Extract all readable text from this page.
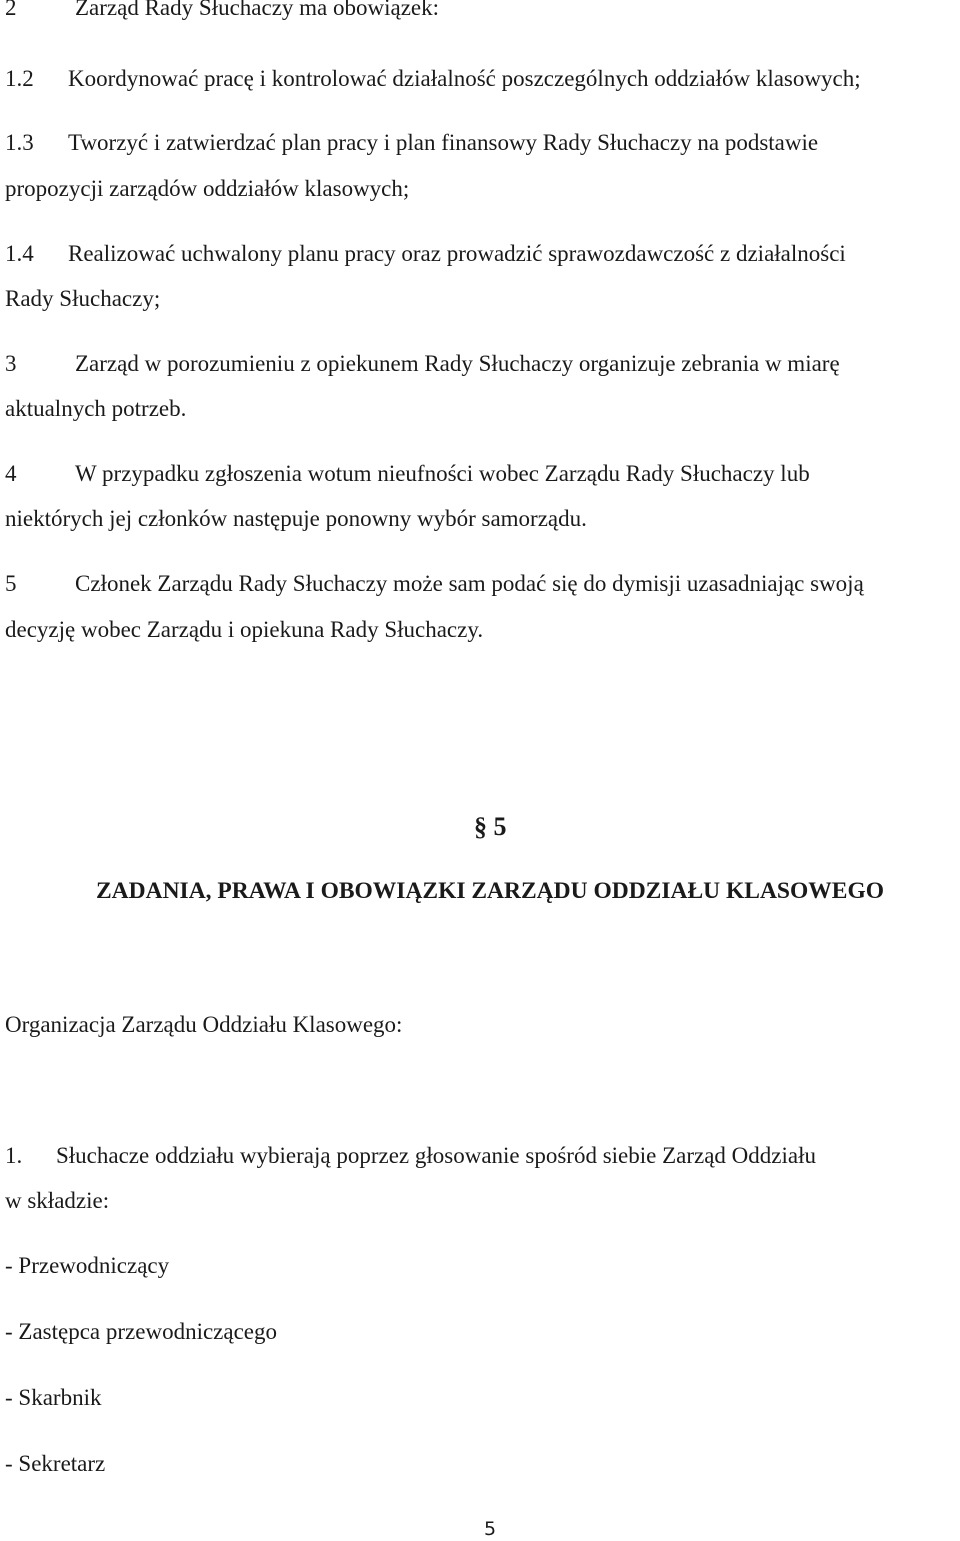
2	Zarząd Rady Słuchaczy ma obowiązek:
1.2 Koordynować pracę i kontrolować działalność poszczególnych oddziałów klasowych;
1.3 Tworzyć i zatwierdzać plan pracy i plan finansowy Rady Słuchaczy na podstawie
propozycji zarządów oddziałów klasowych;
1.4 Realizować uchwalony planu pracy oraz prowadzić sprawozdawczość z działalności
Rady Słuchaczy;
3	Zarząd w porozumieniu z opiekunem Rady Słuchaczy organizuje zebrania w miarę
aktualnych potrzeb.
4	W przypadku zgłoszenia wotum nieufności wobec Zarządu Rady Słuchaczy lub
niektórych jej członków następuje ponowny wybór samorządu.
5	Członek Zarządu Rady Słuchaczy może sam podać się do dymisji uzasadniając swoją
decyzję wobec Zarządu i opiekuna Rady Słuchaczy.
§ 5
ZADANIA, PRAWA I OBOWIĄZKI ZARZĄDU ODDZIAŁU KLASOWEGO
Organizacja Zarządu Oddziału Klasowego:
1. Słuchacze oddziału wybierają poprzez głosowanie spośród siebie Zarząd Oddziału
w składzie:
- Przewodniczący
- Zastępca przewodniczącego
- Skarbnik
- Sekretarz
5
